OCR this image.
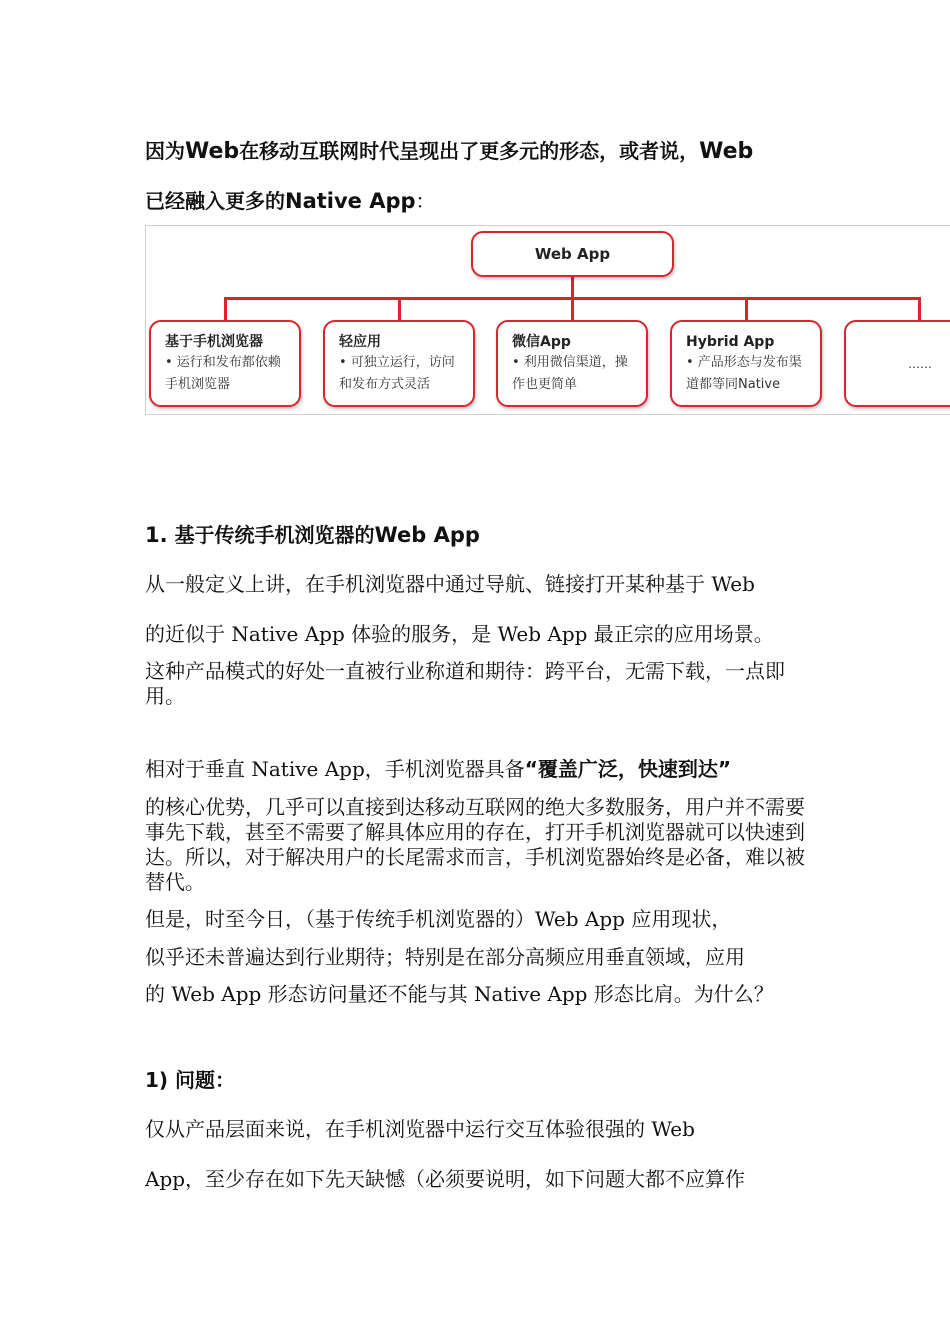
因为Web在移动互联网时代呈现出了更多元的形态，或者说，Web

已经融入更多的Native App：

Web App
基于手机浏览器
• 运行和发布都依赖手机浏览器
轻应用
• 可独立运行，访问和发布方式灵活
微信App
• 利用微信渠道，操作也更简单
Hybrid App
• 产品形态与发布渠道都等同Native
……

1. 基于传统手机浏览器的Web App

从一般定义上讲，在手机浏览器中通过导航、链接打开某种基于 Web

的近似于 Native App 体验的服务，是 Web App 最正宗的应用场景。

这种产品模式的好处一直被行业称道和期待：跨平台，无需下载，一点即用。

相对于垂直 Native App，手机浏览器具备“覆盖广泛，快速到达”

的核心优势，几乎可以直接到达移动互联网的绝大多数服务，用户并不需要事先下载，甚至不需要了解具体应用的存在，打开手机浏览器就可以快速到达。所以，对于解决用户的长尾需求而言，手机浏览器始终是必备，难以被替代。

但是，时至今日，（基于传统手机浏览器的）Web App 应用现状，

似乎还未普遍达到行业期待；特别是在部分高频应用垂直领域，应用

的 Web App 形态访问量还不能与其 Native App 形态比肩。为什么？

1) 问题：

仅从产品层面来说，在手机浏览器中运行交互体验很强的 Web

App，至少存在如下先天缺憾（必须要说明，如下问题大都不应算作
